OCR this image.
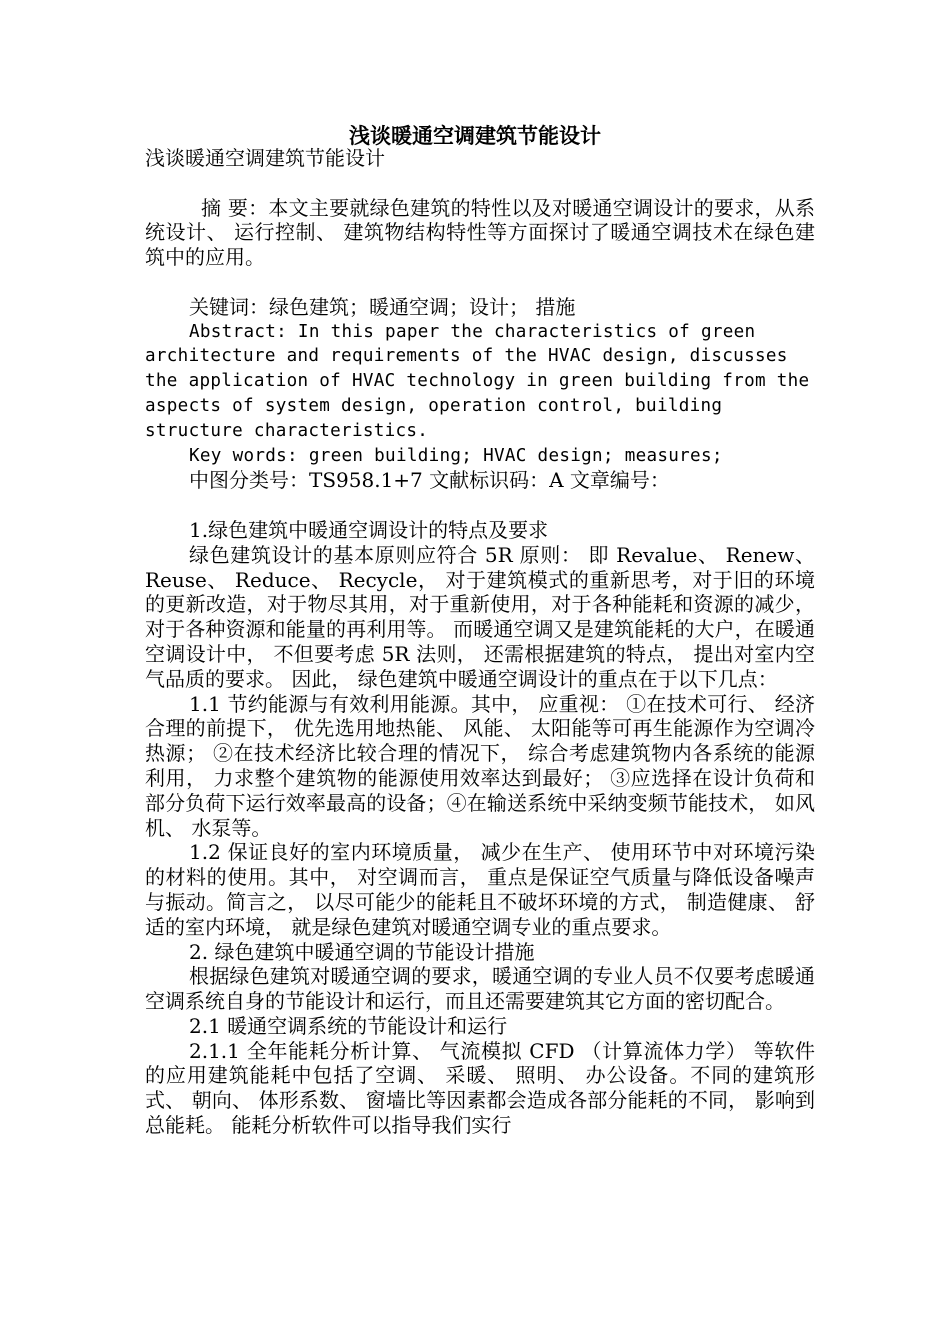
浅谈暖通空调建筑节能设计

浅谈暖通空调建筑节能设计

摘 要：本文主要就绿色建筑的特性以及对暖通空调设计的要求，从系统设计、 运行控制、 建筑物结构特性等方面探讨了暖通空调技术在绿色建筑中的应用。

关键词：绿色建筑；暖通空调；设计； 措施

Abstract: In this paper the characteristics of green architecture and requirements of the HVAC design, discusses the application of HVAC technology in green building from the aspects of system design, operation control, building structure characteristics.

Key words: green building; HVAC design; measures;

中图分类号：TS958.1+7 文献标识码：A 文章编号：

1.绿色建筑中暖通空调设计的特点及要求

绿色建筑设计的基本原则应符合 5R 原则： 即 Revalue、 Renew、Reuse、 Reduce、 Recycle， 对于建筑模式的重新思考，对于旧的环境的更新改造，对于物尽其用，对于重新使用，对于各种能耗和资源的减少，对于各种资源和能量的再利用等。 而暖通空调又是建筑能耗的大户，在暖通空调设计中， 不但要考虑 5R 法则， 还需根据建筑的特点， 提出对室内空气品质的要求。 因此， 绿色建筑中暖通空调设计的重点在于以下几点：

1.1 节约能源与有效利用能源。其中， 应重视： ①在技术可行、 经济合理的前提下， 优先选用地热能、 风能、 太阳能等可再生能源作为空调冷热源； ②在技术经济比较合理的情况下， 综合考虑建筑物内各系统的能源利用， 力求整个建筑物的能源使用效率达到最好； ③应选择在设计负荷和部分负荷下运行效率最高的设备；④在输送系统中采纳变频节能技术， 如风机、 水泵等。

1.2 保证良好的室内环境质量， 减少在生产、 使用环节中对环境污染的材料的使用。其中， 对空调而言， 重点是保证空气质量与降低设备噪声与振动。简言之， 以尽可能少的能耗且不破坏环境的方式， 制造健康、 舒适的室内环境， 就是绿色建筑对暖通空调专业的重点要求。

2. 绿色建筑中暖通空调的节能设计措施

根据绿色建筑对暖通空调的要求，暖通空调的专业人员不仅要考虑暖通空调系统自身的节能设计和运行，而且还需要建筑其它方面的密切配合。

2.1 暖通空调系统的节能设计和运行

2.1.1 全年能耗分析计算、 气流模拟 CFD （计算流体力学） 等软件的应用建筑能耗中包括了空调、 采暖、 照明、 办公设备。不同的建筑形式、 朝向、 体形系数、 窗墙比等因素都会造成各部分能耗的不同， 影响到总能耗。 能耗分析软件可以指导我们实行
